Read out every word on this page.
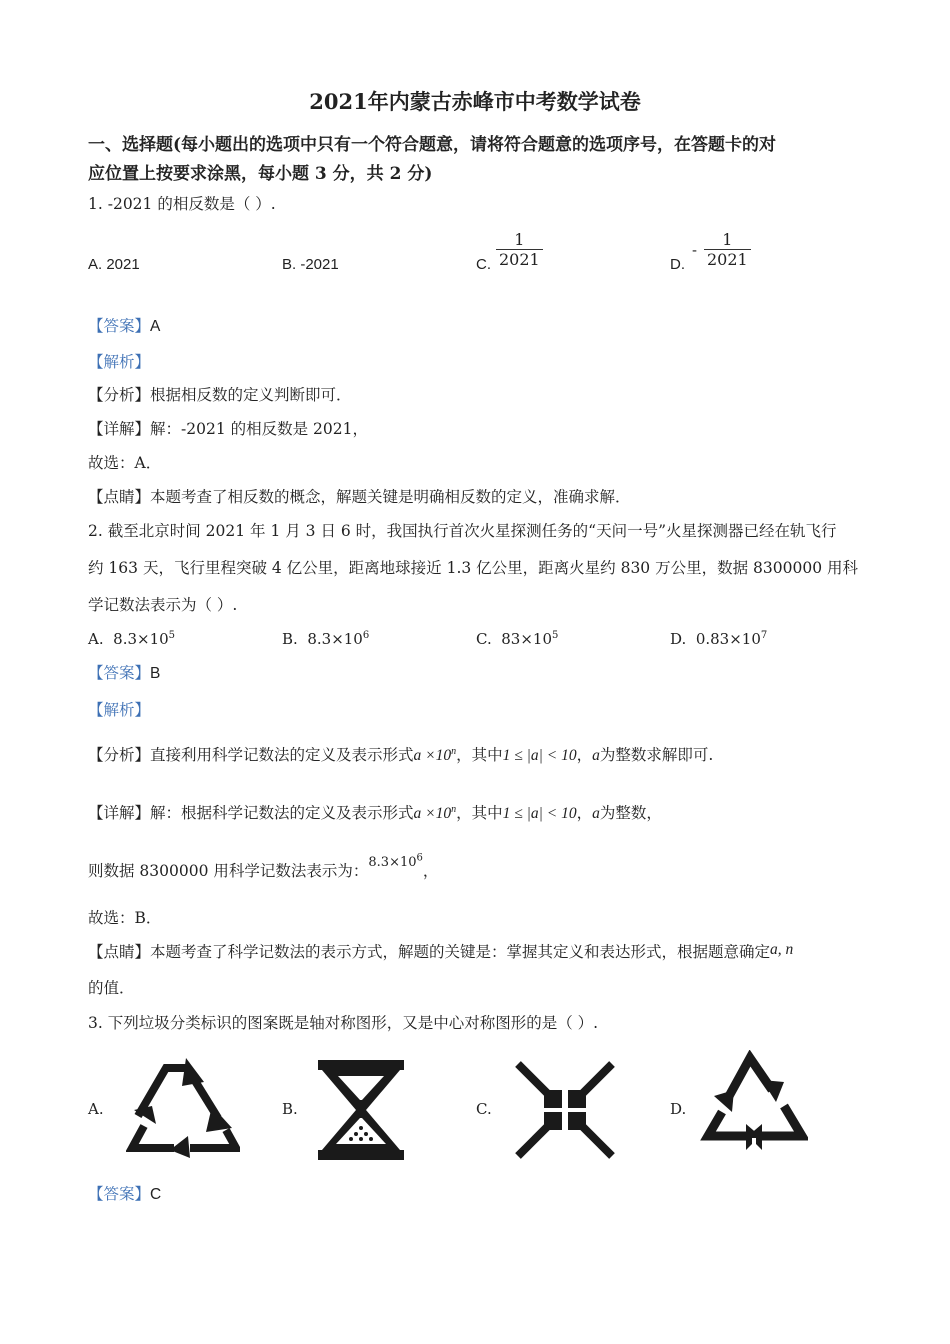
2021年内蒙古赤峰市中考数学试卷
一、选择题(每小题出的选项中只有一个符合题意，请将符合题意的选项序号，在答题卡的对
应位置上按要求涂黑，每小题 3 分，共 2 分)
1. -2021 的相反数是（ ）.
A. 2021	B. -2021	C. $\frac{1}{2021}$	D.
- $\frac{1}{2021}$
【答案】A
【解析】
【分析】根据相反数的定义判断即可．
【详解】解：-2021 的相反数是 2021，
故选：A．
【点睛】本题考查了相反数的概念，解题关键是明确相反数的定义，准确求解．
2. 截至北京时间 2021 年 1 月 3 日 6 时，我国执行首次火星探测任务的“天问一号”火星探测器已经在轨飞行
约 163 天，飞行里程突破 4 亿公里，距离地球接近 1.3 亿公里，距离火星约 830 万公里，数据 8300000 用科
学记数法表示为（ ）.
A. $8.3\times 10^5$	B. $8.3\times 10^6$	C. $83\times 10^5$	D. $0.83\times 10^7$
【答案】B
【解析】
【分析】直接利用科学记数法的定义及表示形式$a \times 10^n$，其中1 ≤ |a| < 10，a为整数求解即可.
【详解】解：根据科学记数法的定义及表示形式$a \times 10^n$，其中1 ≤ |a| < 10，a为整数，
则数据 8300000 用科学记数法表示为：$^{8.3\times 10^6}$，
故选：B．
【点睛】本题考查了科学记数法的表示方式，解题的关键是：掌握其定义和表达形式，根据题意确定a, n
的值．
3. 下列垃圾分类标识的图案既是轴对称图形，又是中心对称图形的是（ ）.
A.	B.	C.	D.
【答案】C
